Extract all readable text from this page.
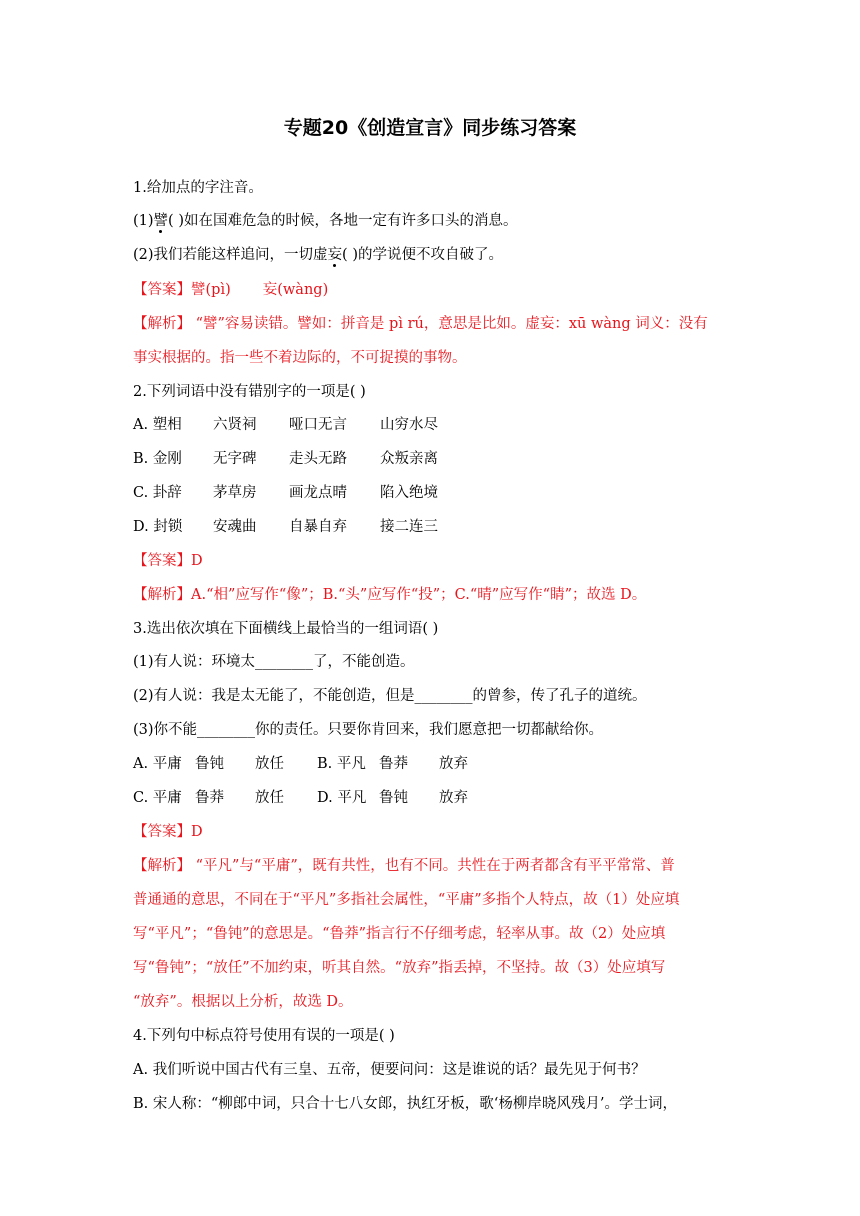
专题20《创造宣言》同步练习答案
1.给加点的字注音。
(1)譬( )如在国难危急的时候，各地一定有许多口头的消息。
(2)我们若能这样追问，一切虚妄( )的学说便不攻自破了。
【答案】譬(pì) 妄(wàng)
【解析】 “譬”容易读错。譬如：拼音是 pì rú，意思是比如。虚妄：xū wàng 词义：没有
事实根据的。指一些不着边际的，不可捉摸的事物。
2.下列词语中没有错别字的一项是( )
A. 塑相 六贤祠 哑口无言 山穷水尽
B. 金刚 无字碑 走头无路 众叛亲离
C. 卦辞 茅草房 画龙点晴 陷入绝境
D. 封锁 安魂曲 自暴自弃 接二连三
【答案】D
【解析】A.“相”应写作“像”；B.“头”应写作“投”；C.“晴”应写作“睛”；故选 D。
3.选出依次填在下面横线上最恰当的一组词语( )
(1)有人说：环境太________了，不能创造。
(2)有人说：我是太无能了，不能创造，但是________的曾参，传了孔子的道统。
(3)你不能________你的责任。只要你肯回来，我们愿意把一切都献给你。
A. 平庸 鲁钝 放任 B. 平凡 鲁莽 放弃
C. 平庸 鲁莽 放任 D. 平凡 鲁钝 放弃
【答案】D
【解析】 “平凡”与“平庸”，既有共性，也有不同。共性在于两者都含有平平常常、普
普通通的意思，不同在于“平凡”多指社会属性，“平庸”多指个人特点，故（1）处应填
写“平凡”；“鲁钝”的意思是。“鲁莽”指言行不仔细考虑，轻率从事。故（2）处应填
写“鲁钝”；“放任”不加约束，听其自然。“放弃”指丢掉，不坚持。故（3）处应填写
“放弃”。根据以上分析，故选 D。
4.下列句中标点符号使用有误的一项是( )
A. 我们听说中国古代有三皇、五帝，便要问问：这是谁说的话？最先见于何书？
B. 宋人称：“柳郎中词，只合十七八女郎，执红牙板，歌‘杨柳岸晓风残月’。学士词，
